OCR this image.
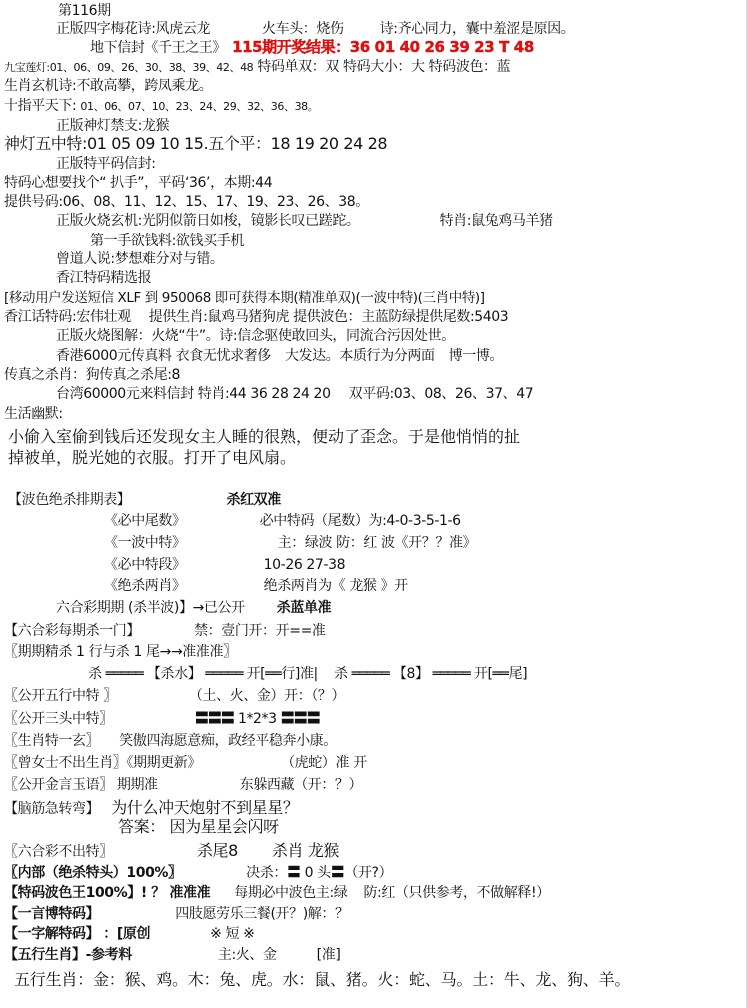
第116期
正版四字梅花诗:风虎云龙	火车头：烧伤	诗:齐心同力，囊中羞涩是原因。
地下信封《千王之王》 115期开奖结果：36 01 40 26 39 23 T 48
九宝莲灯:01、06、09、26、30、38、39、42、48 特码单双：双 特码大小：大 特码波色：蓝
生肖玄机诗:不敢高攀，跨凤乘龙。
十指平天下: 01、06、07、10、23、24、29、32、36、38。
正版神灯禁支:龙猴
神灯五中特:01 05 09 10 15.五个平：18 19 20 24 28
正版特平码信封:
特码心想要找个“ 扒手”，平码‘36’，本期:44
提供号码:06、08、11、12、15、17、19、23、26、38。
正版火烧玄机:光阴似箭日如梭，镜影长叹已蹉跎。	特肖:鼠兔鸡马羊猪
第一手欲钱料:欲钱买手机
曾道人说:梦想难分对与错。
香江特码精选报
[移动用户发送短信 XLF 到 950068 即可获得本期(精准单双)(一波中特)(三肖中特)]
香江话特码:宏伟壮观 提供生肖:鼠鸡马猪狗虎 提供波色：主蓝防绿提供尾数:5403
正版火烧图解：火烧“牛”。诗:信念驱使敢回头，同流合污因处世。
香港6000元传真料 衣食无忧求奢侈 大发达。本质行为分两面 博一博。
传真之杀肖：狗传真之杀尾:8
台湾60000元来料信封 特肖:44 36 28 24 20 双平码:03、08、26、37、47
生活幽默:
小偷入室偷到钱后还发现女主人睡的很熟，便动了歪念。于是他悄悄的扯
掉被单，脱光她的衣服。打开了电风扇。
【波色绝杀排期表】	杀红双准
《必中尾数》	必中特码（尾数）为:4-0-3-5-1-6
《一波中特》	主：绿波 防：红 波《开？？准》
《必中特段》	10-26 27-38
《绝杀两肖》	绝杀两肖为《 龙猴 》开
六合彩期期 (杀半波)】→已公开 杀蓝单准
【六合彩每期杀一门】	禁：壹门开：开==准
〖期期精杀 1 行与杀 1 尾→→准准准〗
杀 ═════ 【杀水】 ═════ 开[══行]准| 杀 ═════ 【8】 ═════ 开[══尾]
〖公开五行中特 〗	（土、火、金）开：（？）
〖公开三头中特〗	〓〓〓 1*2*3 〓〓〓
〖生肖特一玄〗 笑傲四海愿意痴，政经平稳奔小康。
〖曾女士不出生肖〗《期期更新》	（虎蛇）准 开
〖公开金言玉语〗 期期准	东躲西藏（开：？）
【脑筋急转弯】 为什么冲天炮射不到星星？
答案： 因为星星会闪呀
〖六合彩不出特〗	杀尾8 杀肖 龙猴
〖内部（绝杀特头）100%〗	决杀：〓 0 头〓（开?）
【特码波色王100%】! ？ 准准准 每期必中波色主:绿 防:红（只供参考，不做解释!）
【一言博特码】	四肢愿劳乐三餐(开？)解：？
【一字解特码】 ：[原创	※ 短 ※
【五行生肖】-参考料	主:火、金	[准]
五行生肖：金：猴、鸡。木：兔、虎。水：鼠、猪。火：蛇、马。土：牛、龙、狗、羊。
